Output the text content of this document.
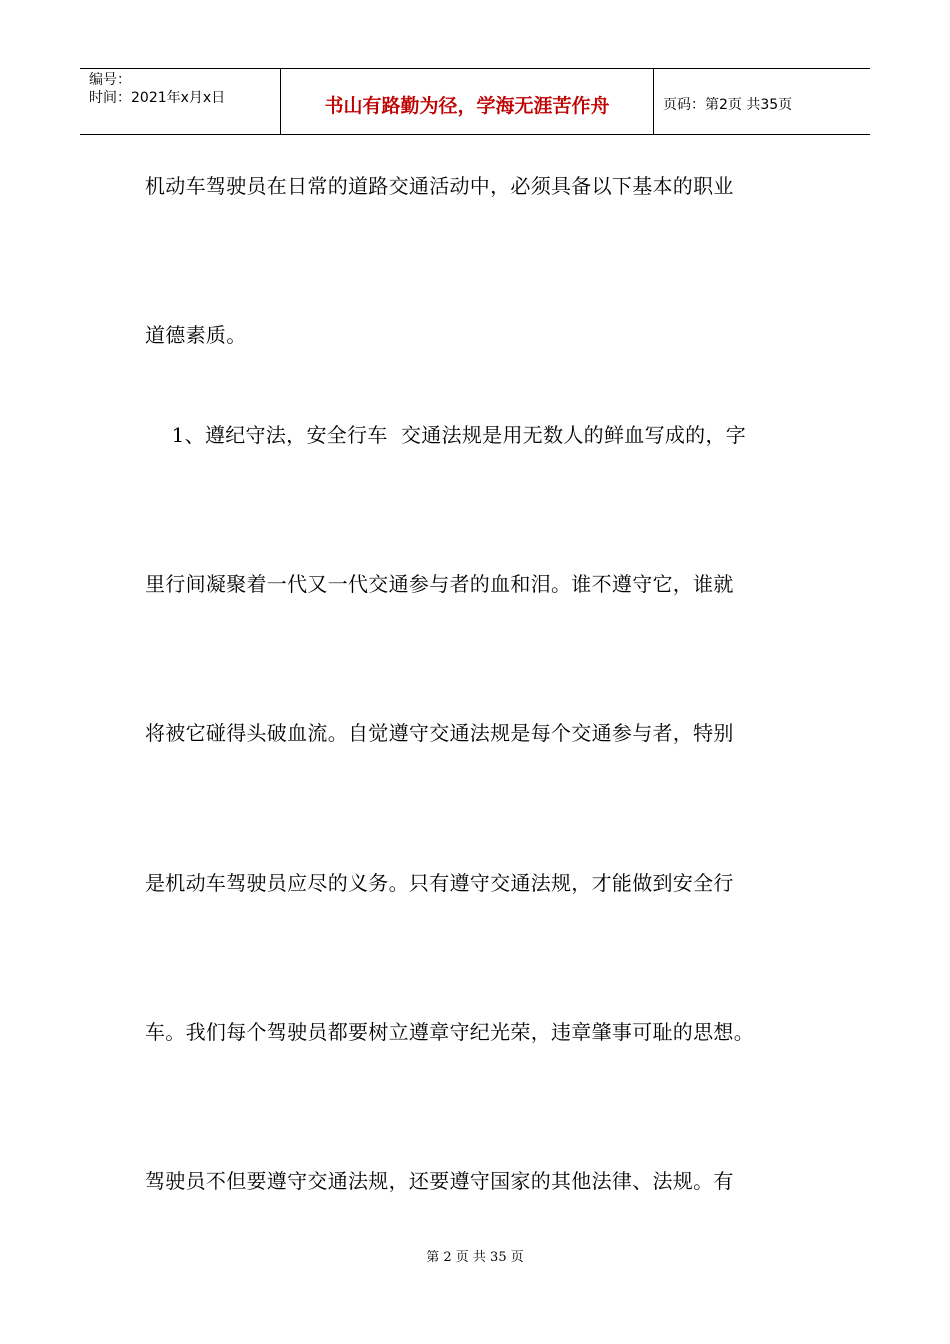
编号：
时间：2021年x月x日	书山有路勤为径，学海无涯苦作舟	页码：第2页 共35页
机动车驾驶员在日常的道路交通活动中，必须具备以下基本的职业
道德素质。
1、遵纪守法，安全行车  交通法规是用无数人的鲜血写成的，字
里行间凝聚着一代又一代交通参与者的血和泪。谁不遵守它，谁就
将被它碰得头破血流。自觉遵守交通法规是每个交通参与者，特别
是机动车驾驶员应尽的义务。只有遵守交通法规，才能做到安全行
车。我们每个驾驶员都要树立遵章守纪光荣，违章肇事可耻的思想。
驾驶员不但要遵守交通法规，还要遵守国家的其他法律、法规。有
第 2 页 共 35 页
